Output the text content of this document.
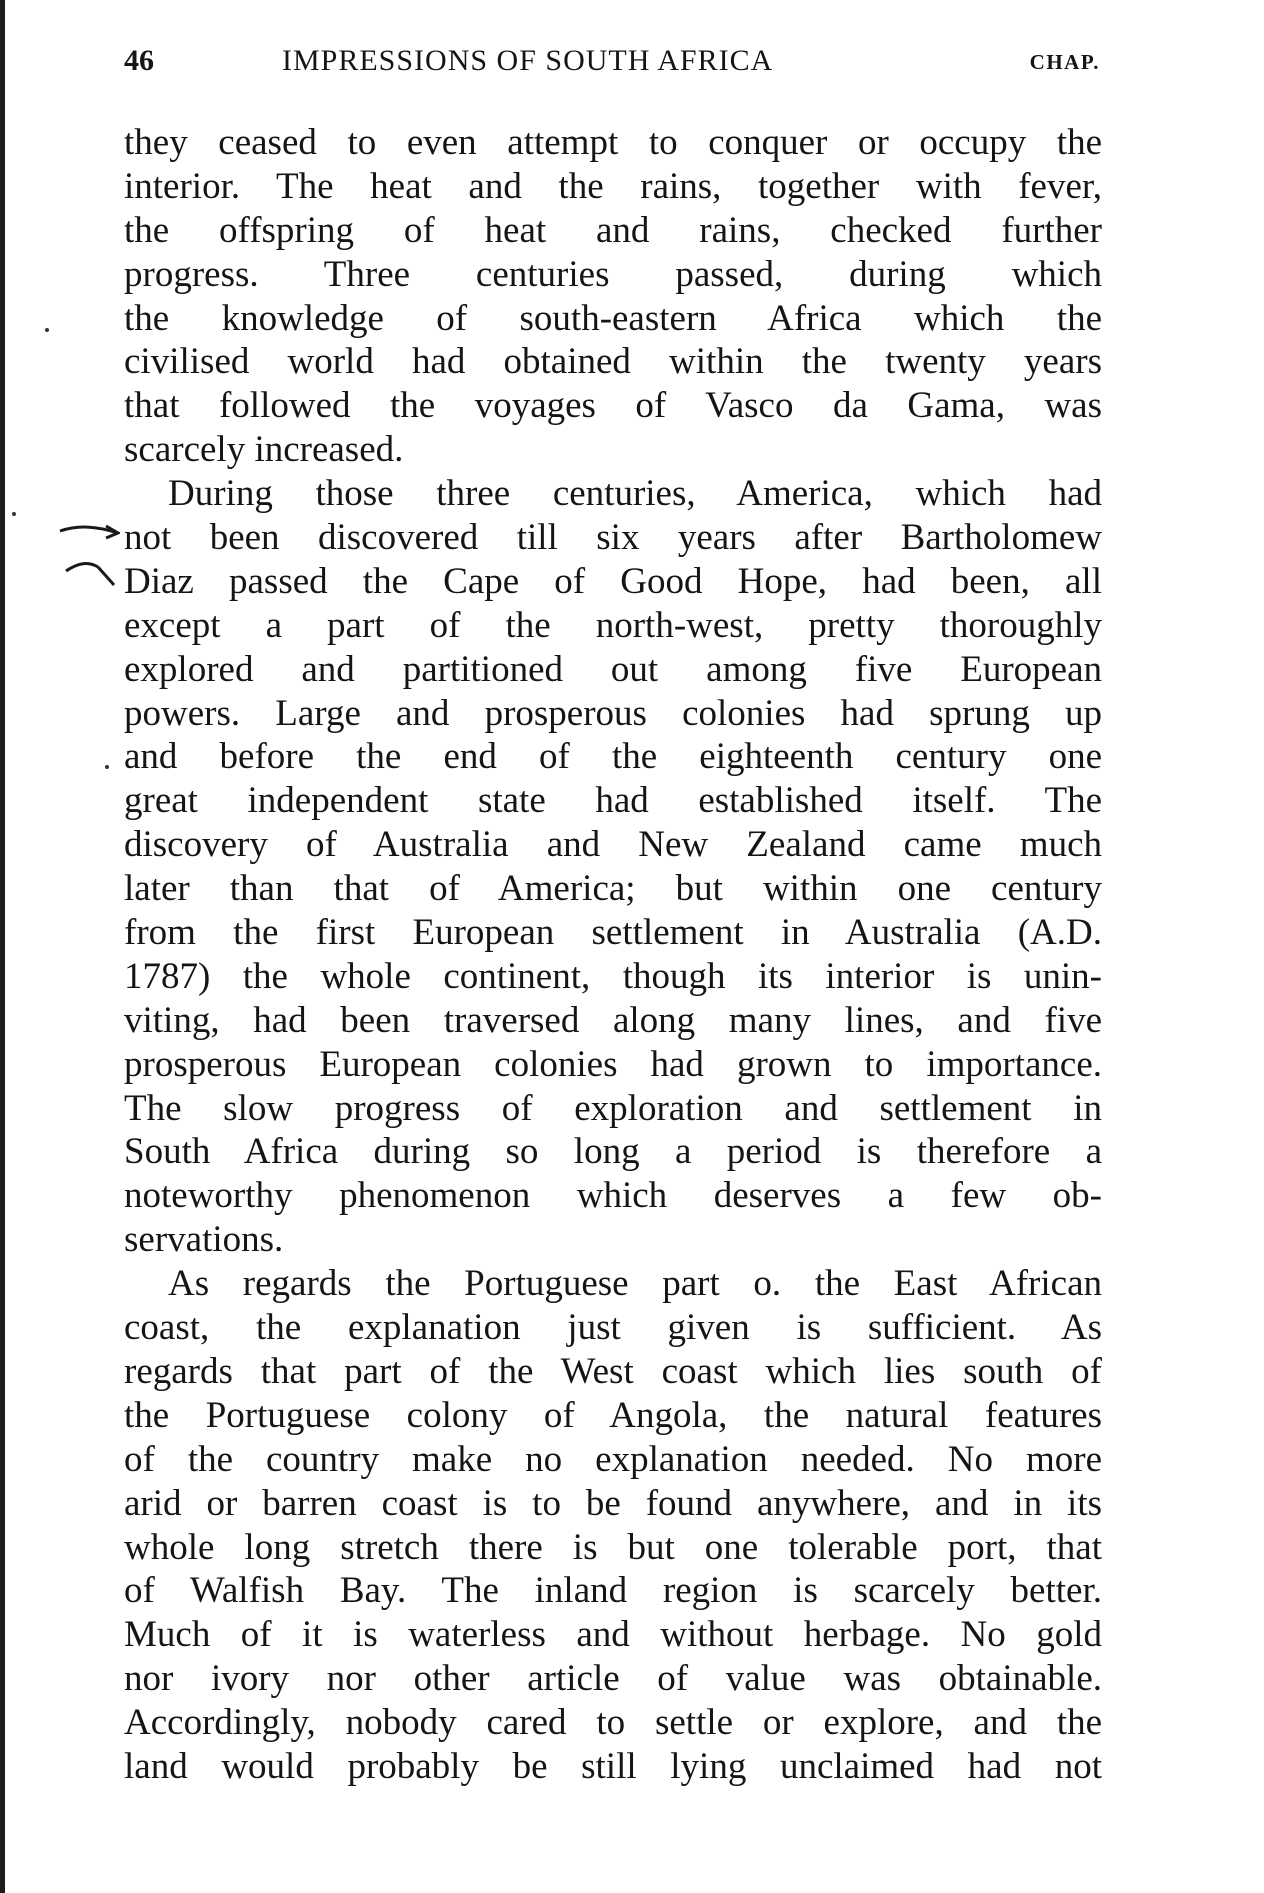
46	IMPRESSIONS OF SOUTH AFRICA	CHAP.
they ceased to even attempt to conquer or occupy the
interior. The heat and the rains, together with fever,
the offspring of heat and rains, checked further
progress. Three centuries passed, during which
the knowledge of south-eastern Africa which the
civilised world had obtained within the twenty years
that followed the voyages of Vasco da Gama, was
scarcely increased.
During those three centuries, America, which had
not been discovered till six years after Bartholomew
Diaz passed the Cape of Good Hope, had been, all
except a part of the north-west, pretty thoroughly
explored and partitioned out among five European
powers. Large and prosperous colonies had sprung up
and before the end of the eighteenth century one
great independent state had established itself. The
discovery of Australia and New Zealand came much
later than that of America; but within one century
from the first European settlement in Australia (A.D.
1787) the whole continent, though its interior is unin-
viting, had been traversed along many lines, and five
prosperous European colonies had grown to importance.
The slow progress of exploration and settlement in
South Africa during so long a period is therefore a
noteworthy phenomenon which deserves a few ob-
servations.
As regards the Portuguese part o. the East African
coast, the explanation just given is sufficient. As
regards that part of the West coast which lies south of
the Portuguese colony of Angola, the natural features
of the country make no explanation needed. No more
arid or barren coast is to be found anywhere, and in its
whole long stretch there is but one tolerable port, that
of Walfish Bay. The inland region is scarcely better.
Much of it is waterless and without herbage. No gold
nor ivory nor other article of value was obtainable.
Accordingly, nobody cared to settle or explore, and the
land would probably be still lying unclaimed had not
